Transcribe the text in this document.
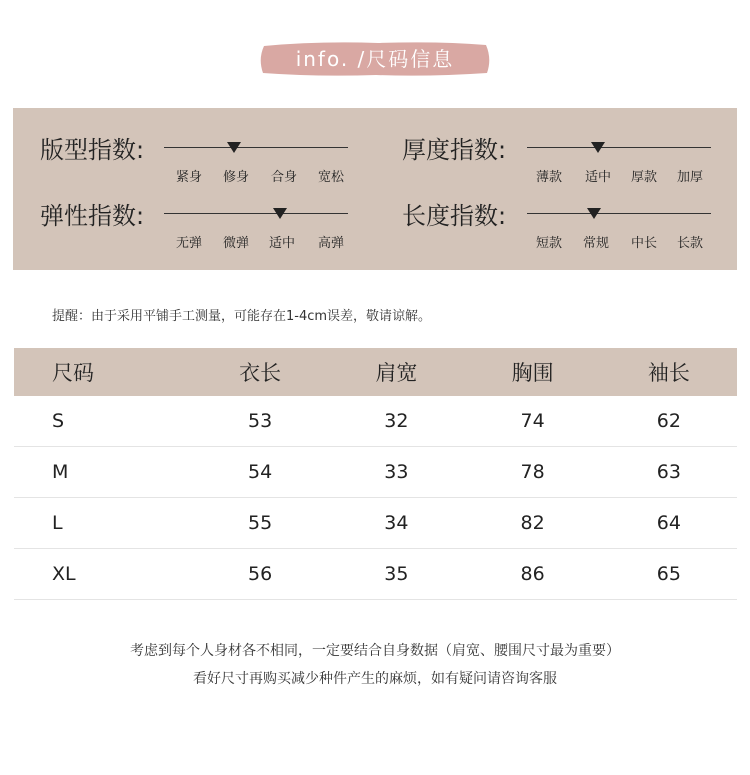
info. /尺码信息
版型指数:
紧身 修身 合身 宽松
厚度指数:
薄款 适中 厚款 加厚
弹性指数:
无弹 微弹 适中 高弹
长度指数:
短款 常规 中长 长款
提醒：由于采用平铺手工测量，可能存在1-4cm误差，敬请谅解。
尺码	衣长	肩宽	胸围	袖长
S	53	32	74	62
M	54	33	78	63
L	55	34	82	64
XL	56	35	86	65
考虑到每个人身材各不相同，一定要结合自身数据（肩宽、腰围尺寸最为重要）
看好尺寸再购买减少种件产生的麻烦，如有疑问请咨询客服
